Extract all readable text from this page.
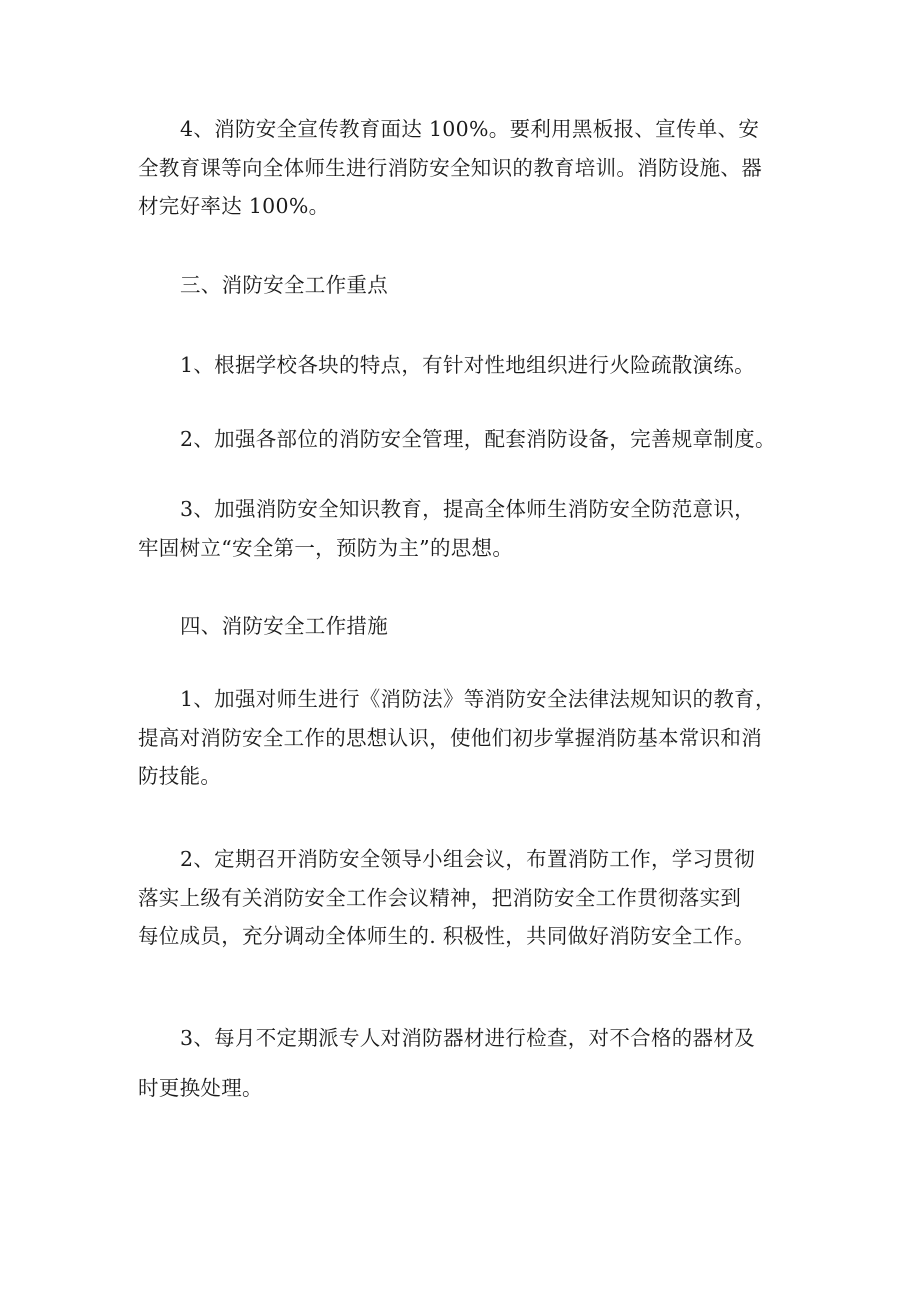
4、消防安全宣传教育面达 100%。要利用黑板报、宣传单、安
全教育课等向全体师生进行消防安全知识的教育培训。消防设施、器
材完好率达 100%。

三、消防安全工作重点

1、根据学校各块的特点，有针对性地组织进行火险疏散演练。

2、加强各部位的消防安全管理，配套消防设备，完善规章制度。

3、加强消防安全知识教育，提高全体师生消防安全防范意识，
牢固树立“安全第一，预防为主”的思想。

四、消防安全工作措施

1、加强对师生进行《消防法》等消防安全法律法规知识的教育，
提高对消防安全工作的思想认识，使他们初步掌握消防基本常识和消
防技能。

2、定期召开消防安全领导小组会议，布置消防工作，学习贯彻
落实上级有关消防安全工作会议精神，把消防安全工作贯彻落实到
每位成员，充分调动全体师生的. 积极性，共同做好消防安全工作。

3、每月不定期派专人对消防器材进行检查，对不合格的器材及
时更换处理。
